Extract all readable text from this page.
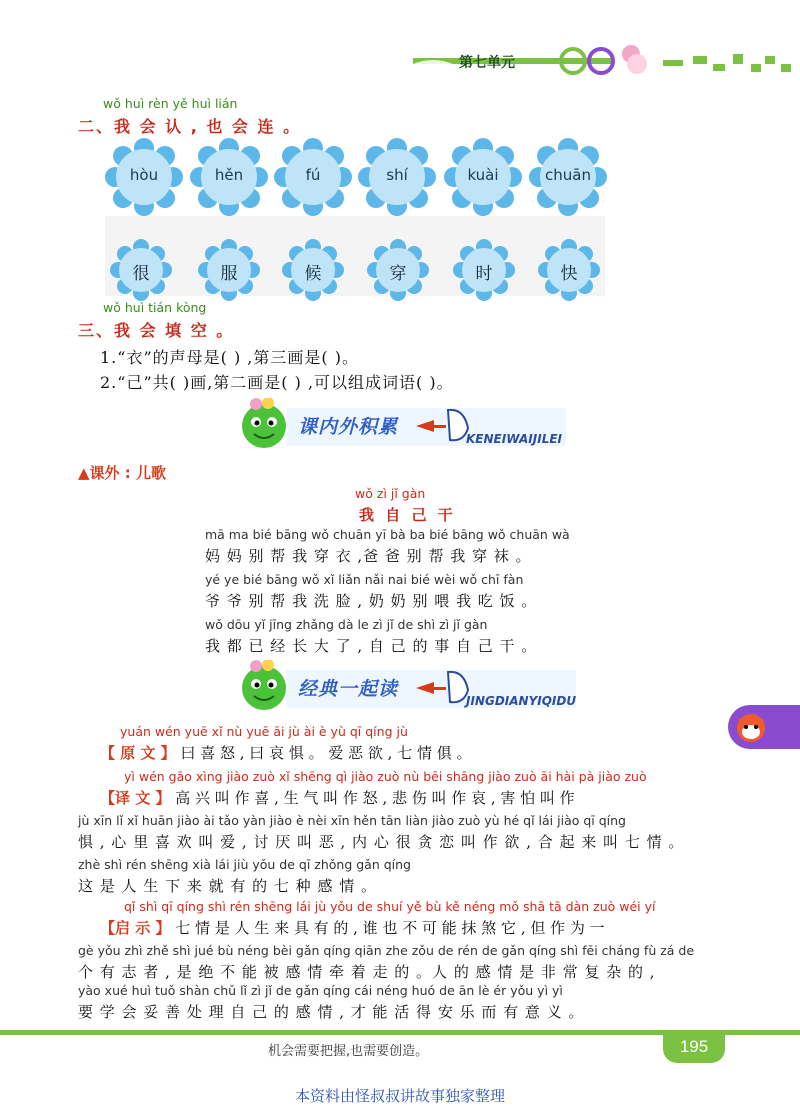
第七单元
wǒ huì rèn yě huì lián
二、我 会 认 , 也 会 连 。
hòu	hěn	fú	shí	kuài	chuān
很	服	候	穿	时	快
wǒ huì tián kòng
三、我 会 填 空 。
1.“衣”的声母是( ) ,第三画是( )。
2.“己”共( )画,第二画是( ) ,可以组成词语( )。
课内外积累
KENEIWAIJILEI
▲课外 : 儿歌
wǒ zì jǐ gàn
我 自 己 干
mā ma bié bāng wǒ chuān yī bà ba bié bāng wǒ chuān wà
妈 妈 别 帮 我 穿 衣 ,爸 爸 别 帮 我 穿 袜 。
yé ye bié bāng wǒ xǐ liǎn nǎi nai bié wèi wǒ chī fàn
爷 爷 别 帮 我 洗 脸 , 奶 奶 别 喂 我 吃 饭 。
wǒ dōu yǐ jīng zhǎng dà le zì jǐ de shì zì jǐ gàn
我 都 已 经 长 大 了 , 自 己 的 事 自 己 干 。
经典一起读
JINGDIANYIQIDU
yuán wén yuē xǐ nù yuē āi jù ài è yù qī qíng jù
【 原 文 】 曰 喜 怒 , 曰 哀 惧 。 爱 恶 欲 , 七 情 俱 。
yì wén gāo xìng jiào zuò xǐ shēng qì jiào zuò nù bēi shāng jiào zuò āi hài pà jiào zuò
【译 文 】 高 兴 叫 作 喜 , 生 气 叫 作 怒 , 悲 伤 叫 作 哀 , 害 怕 叫 作
jù xīn lǐ xǐ huān jiào ài tǎo yàn jiào è nèi xīn hěn tān liàn jiào zuò yù hé qǐ lái jiào qī qíng
惧 , 心 里 喜 欢 叫 爱 , 讨 厌 叫 恶 , 内 心 很 贪 恋 叫 作 欲 , 合 起 来 叫 七 情 。
zhè shì rén shēng xià lái jiù yǒu de qī zhǒng gǎn qíng
这 是 人 生 下 来 就 有 的 七 种 感 情 。
qǐ shì qī qíng shì rén shēng lái jù yǒu de shuí yě bù kě néng mǒ shā tā dàn zuò wéi yí
【启 示 】 七 情 是 人 生 来 具 有 的 , 谁 也 不 可 能 抹 煞 它 , 但 作 为 一
gè yǒu zhì zhě shì jué bù néng bèi gǎn qíng qiān zhe zǒu de rén de gǎn qíng shì fēi cháng fù zá de
个 有 志 者 , 是 绝 不 能 被 感 情 牵 着 走 的 。人 的 感 情 是 非 常 复 杂 的 ,
yào xué huì tuǒ shàn chǔ lǐ zì jǐ de gǎn qíng cái néng huó de ān lè ér yǒu yì yì
要 学 会 妥 善 处 理 自 己 的 感 情 , 才 能 活 得 安 乐 而 有 意 义 。
机会需要把握,也需要创造。	195
本资料由怪叔叔讲故事独家整理
